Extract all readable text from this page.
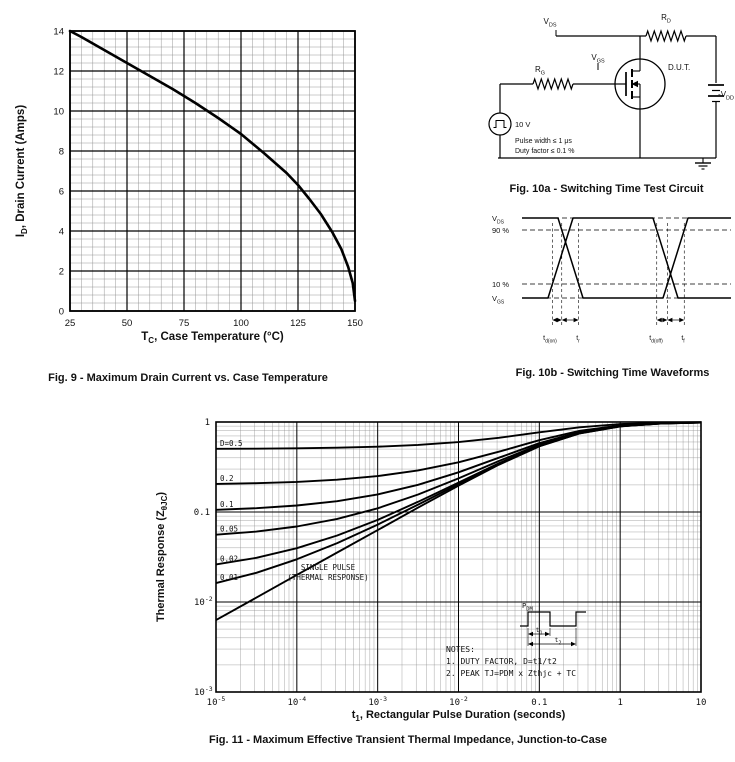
25	50	75	100	125	150
0
2
4
6
8
10
12
14
$T_C$, Case Temperature (°C)
$I_D$, Drain Current (Amps)
Fig. 9 - Maximum Drain Current vs. Case Temperature
$V_{DS}$
$R_D$
$-V_{DD}$
D.U.T.
$V_{GS}$
$R_G$
10 V
Pulse width ≤ 1 μs
Duty factor ≤ 0.1 %
Fig. 10a - Switching Time Test Circuit
$V_{DS}$
90 %
10 %
$V_{GS}$
$t_{d(on)}$	$t_r$	$t_{d(off)}$	$t_f$
Fig. 10b - Switching Time Waveforms
$10^{-5}$	$10^{-4}$	$10^{-3}$	$10^{-2}$	0.1	1	10
1
0.1
$10^{-2}$
$10^{-3}$
D=0.5
0.2
0.1
0.05
0.02
0.01
SINGLE PULSE
(THERMAL RESPONSE)
NOTES:
1. DUTY FACTOR, D=t1/t2
2. PEAK TJ=PDM x Zthjc + TC
$P_{DM}$
$t_1$
$t_2$
$t_1$, Rectangular Pulse Duration (seconds)
Thermal Response $(Z_{\theta JC})$
Fig. 11 - Maximum Effective Transient Thermal Impedance, Junction-to-Case
